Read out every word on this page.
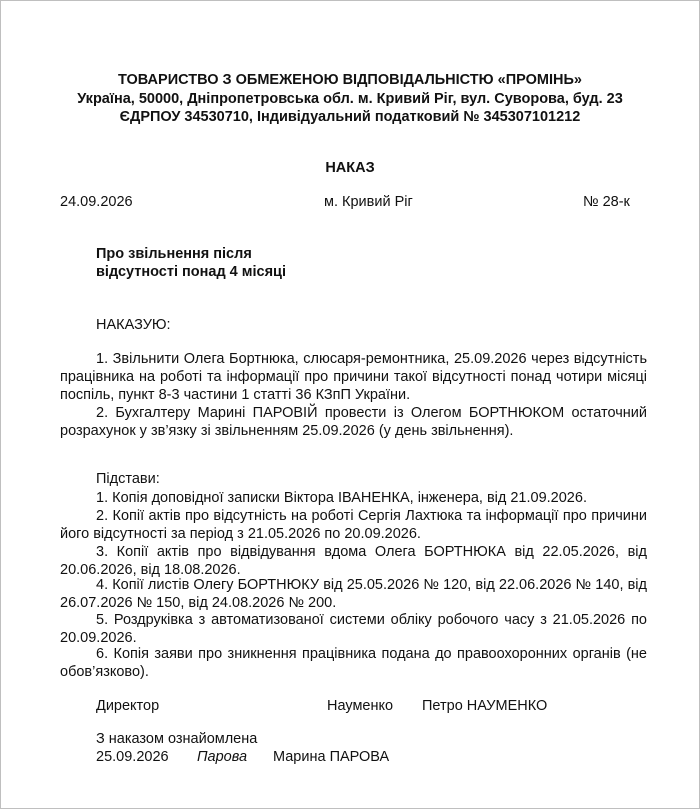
ТОВАРИСТВО З ОБМЕЖЕНОЮ ВІДПОВІДАЛЬНІСТЮ «ПРОМІНЬ»
Україна, 50000, Дніпропетровська обл. м. Кривий Ріг, вул. Суворова, буд. 23
ЄДРПОУ 34530710, Індивідуальний податковий № 345307101212
НАКАЗ
24.09.2026	м. Кривий Ріг	№ 28-к
Про звільнення після
відсутності понад 4 місяці
НАКАЗУЮ:
1. Звільнити Олега Бортнюка, слюсаря-ремонтника, 25.09.2026 через відсутність працівника на роботі та інформації про причини такої відсутності понад чотири місяці поспіль, пункт 8-3 частини 1 статті 36 КЗпП України.
2. Бухгалтеру Марині ПАРОВІЙ провести із Олегом БОРТНЮКОМ остаточний розрахунок у зв’язку зі звільненням 25.09.2026 (у день звільнення).
Підстави:
1. Копія доповідної записки Віктора ІВАНЕНКА, інженера, від 21.09.2026.
2. Копії актів про відсутність на роботі Сергія Лахтюка та інформації про причини його відсутності за період з 21.05.2026 по 20.09.2026.
3. Копії актів про відвідування вдома Олега БОРТНЮКА від 22.05.2026, від 20.06.2026, від 18.08.2026.
4. Копії листів Олегу БОРТНЮКУ від 25.05.2026 № 120, від 22.06.2026 № 140, від 26.07.2026 № 150, від 24.08.2026 № 200.
5. Роздруківка з автоматизованої системи обліку робочого часу з 21.05.2026 по 20.09.2026.
6. Копія заяви про зникнення працівника подана до правоохоронних органів (не обов’язково).
Директор	Науменко Петро НАУМЕНКО
З наказом ознайомлена
25.09.2026 Парова Марина ПАРОВА
